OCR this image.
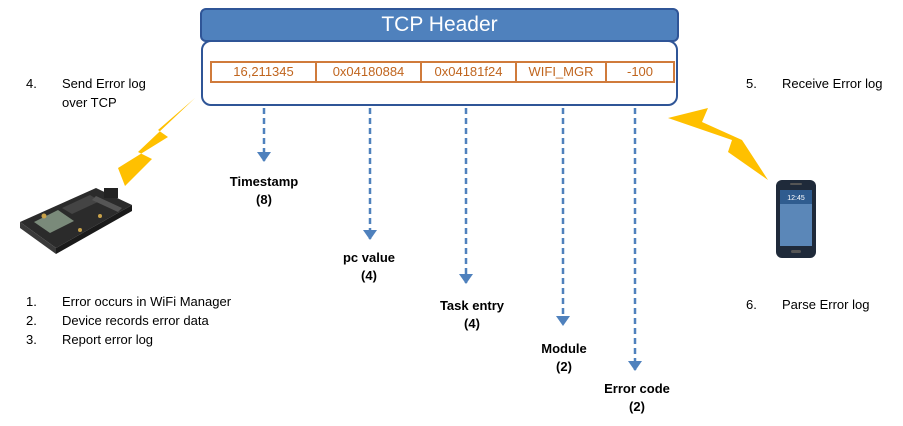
12:45
TCP Header
16,211345	0x04180884	0x04181f24	WIFI_MGR	-100
Timestamp
(8)
pc value
(4)
Task entry
(4)
Module
(2)
Error code
(2)
4. Send Error log
over TCP
1. Error occurs in WiFi Manager
2. Device records error data
3. Report error log
5. Receive Error log
6. Parse Error log
